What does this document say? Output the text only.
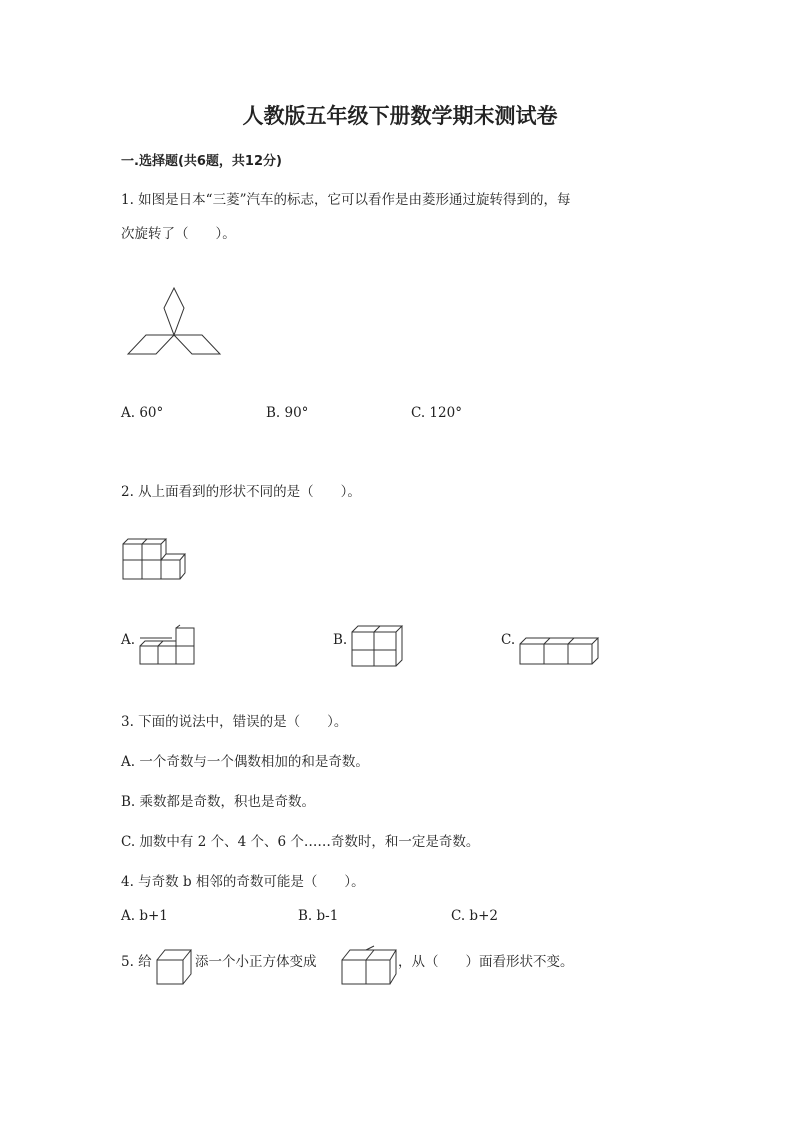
人教版五年级下册数学期末测试卷
一.选择题(共6题，共12分)
1. 如图是日本“三菱”汽车的标志，它可以看作是由菱形通过旋转得到的，每
次旋转了（　　）。
A. 60°	B. 90°	C. 120°
2. 从上面看到的形状不同的是（　　）。
A.	B.	C.
3. 下面的说法中，错误的是（　　）。
A. 一个奇数与一个偶数相加的和是奇数。
B. 乘数都是奇数，积也是奇数。
C. 加数中有 2 个、4 个、6 个……奇数时，和一定是奇数。
4. 与奇数 b 相邻的奇数可能是（　　）。
A. b+1	B. b-1	C. b+2
5. 给	添一个小正方体变成	，从（　　）面看形状不变。
